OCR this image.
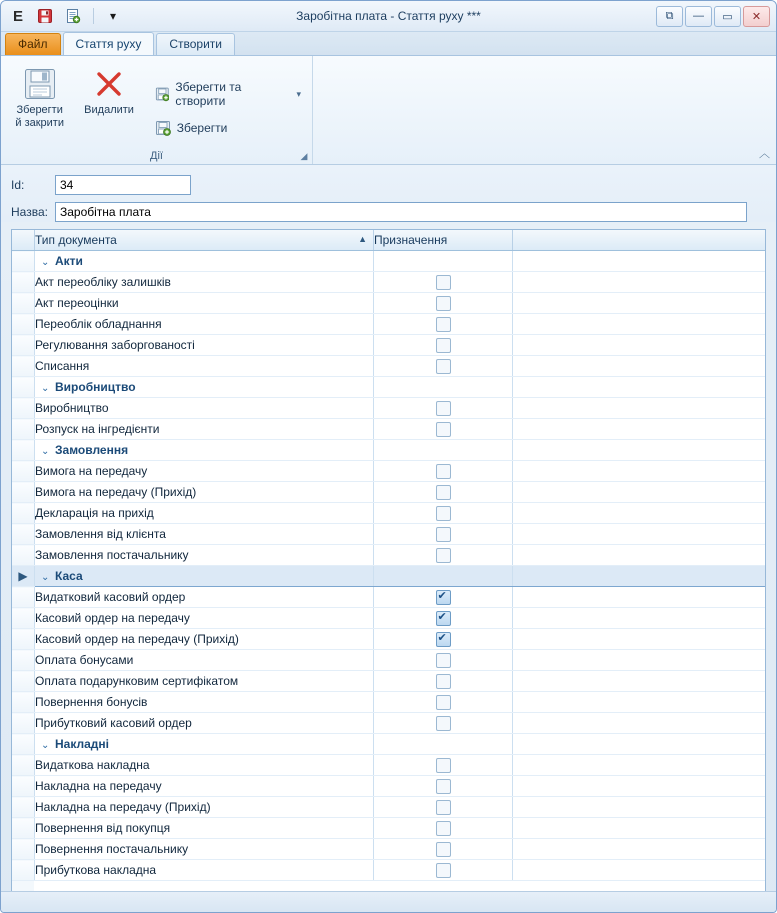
E	▾	Заробітна плата - Стаття руху ***	⧉	—	▭	✕
Файл	Стаття руху	Створити
Зберегти
й закрити
Видалити
Зберегти та створити
▾
Зберегти
Дії	◢	︿
Id:
34
Назва:
Заробітна плата
	Тип документа ▲	Призначення	
	⌄ Акти		
	Акт переобліку залишків		
	Акт переоцінки		
	Переоблік обладнання		
	Регулювання заборгованості		
	Списання		
	⌄ Виробництво		
	Виробництво		
	Розпуск на інгредієнти		
	⌄ Замовлення		
	Вимога на передачу		
	Вимога на передачу (Прихід)		
	Декларація на прихід		
	Замовлення від клієнта		
	Замовлення постачальнику		
▶	⌄ Каса		
	Видатковий касовий ордер	✔	
	Касовий ордер на передачу	✔	
	Касовий ордер на передачу (Прихід)	✔	
	Оплата бонусами		
	Оплата подарунковим сертифікатом		
	Повернення бонусів		
	Прибутковий касовий ордер		
	⌄ Накладні		
	Видаткова накладна		
	Накладна на передачу		
	Накладна на передачу (Прихід)		
	Повернення від покупця		
	Повернення постачальнику		
	Прибуткова накладна		
